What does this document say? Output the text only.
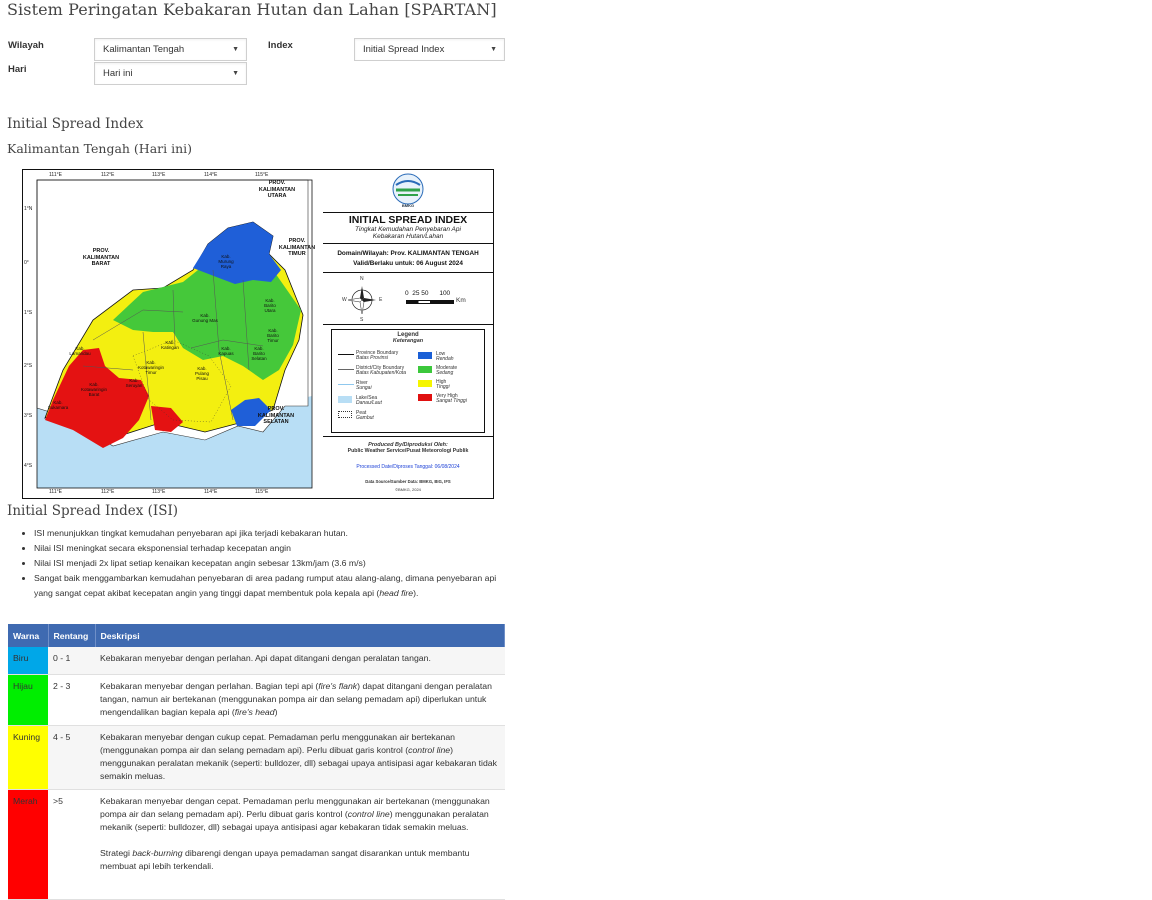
Sistem Peringatan Kebakaran Hutan dan Lahan [SPARTAN]
Wilayah	Kalimantan Tengah	▼	Index	Initial Spread Index	▼
Hari	Hari ini	▼
Initial Spread Index
Kalimantan Tengah (Hari ini)
111°E	112°E	113°E	114°E	115°E
111°E	112°E	113°E	114°E	115°E
1°N
0°
1°S
2°S
3°S
4°S
PROV.
KALIMANTAN
UTARA
PROV.
KALIMANTAN
BARAT
PROV.
KALIMANTAN
TIMUR
PROV.
KALIMANTAN
SELATAN
Kab.
Murung
Raya
Kab.
Barito
Utara
Kab.
Gunung Mas
Kab.
Katingan	Kab.
Kapuas
Kab.
Lamandau
Kab.
Kotawaringin
Timur
Kab.
Seruyan
Kab.
Kotawaringin
Barat
Kab.
Pulang
Pisau
Kab.
Sukamara
Kab.
Barito
Selatan
Kab.
Barito
Timur
BMKG
INITIAL SPREAD INDEX
Tingkat Kemudahan Penyebaran Api
Kebakaran Hutan/Lahan
Domain/Wilayah: Prov. KALIMANTAN TENGAH
Valid/Berlaku untuk: 06 August 2024
N
S
E
W
0  25 50      100
Km
Legend
Keterangan
Province Boundary
Batas Provinsi
District/City Boundary
Batas Kabupaten/Kota
River
Sungai
Lake/Sea
Danau/Laut
Peat
Gambut
Low
Rendah
Moderate
Sedang
High
Tinggi
Very High
Sangat Tinggi
Produced By/Diproduksi Oleh:
Public Weather Service/Pusat Meteorologi Publik
Processed Date/Diproses Tanggal: 06/08/2024
Data Source/Sumber Data: BMKG, BIG, IFS
©BMKG, 2024
Initial Spread Index (ISI)
• ISI menunjukkan tingkat kemudahan penyebaran api jika terjadi kebakaran hutan.
• Nilai ISI meningkat secara eksponensial terhadap kecepatan angin
• Nilai ISI menjadi 2x lipat setiap kenaikan kecepatan angin sebesar 13km/jam (3.6 m/s)
• Sangat baik menggambarkan kemudahan penyebaran di area padang rumput atau alang-alang, dimana penyebaran api yang sangat cepat akibat kecepatan angin yang tinggi dapat membentuk pola kepala api (head fire).
Warna	Rentang	Deskripsi
Biru	0 - 1	Kebakaran menyebar dengan perlahan. Api dapat ditangani dengan peralatan tangan.
Hijau	2 - 3	Kebakaran menyebar dengan perlahan. Bagian tepi api (fire's flank) dapat ditangani dengan peralatan tangan, namun air bertekanan (menggunakan pompa air dan selang pemadam api) diperlukan untuk mengendalikan bagian kepala api (fire's head)
Kuning	4 - 5	Kebakaran menyebar dengan cukup cepat. Pemadaman perlu menggunakan air bertekanan (menggunakan pompa air dan selang pemadam api). Perlu dibuat garis kontrol (control line) menggunakan peralatan mekanik (seperti: bulldozer, dll) sebagai upaya antisipasi agar kebakaran tidak semakin meluas.
Merah	>5	Kebakaran menyebar dengan cepat. Pemadaman perlu menggunakan air bertekanan (menggunakan pompa air dan selang pemadam api). Perlu dibuat garis kontrol (control line) menggunakan peralatan mekanik (seperti: bulldozer, dll) sebagai upaya antisipasi agar kebakaran tidak semakin meluas.

Strategi back-burning dibarengi dengan upaya pemadaman sangat disarankan untuk membantu membuat api lebih terkendali.
